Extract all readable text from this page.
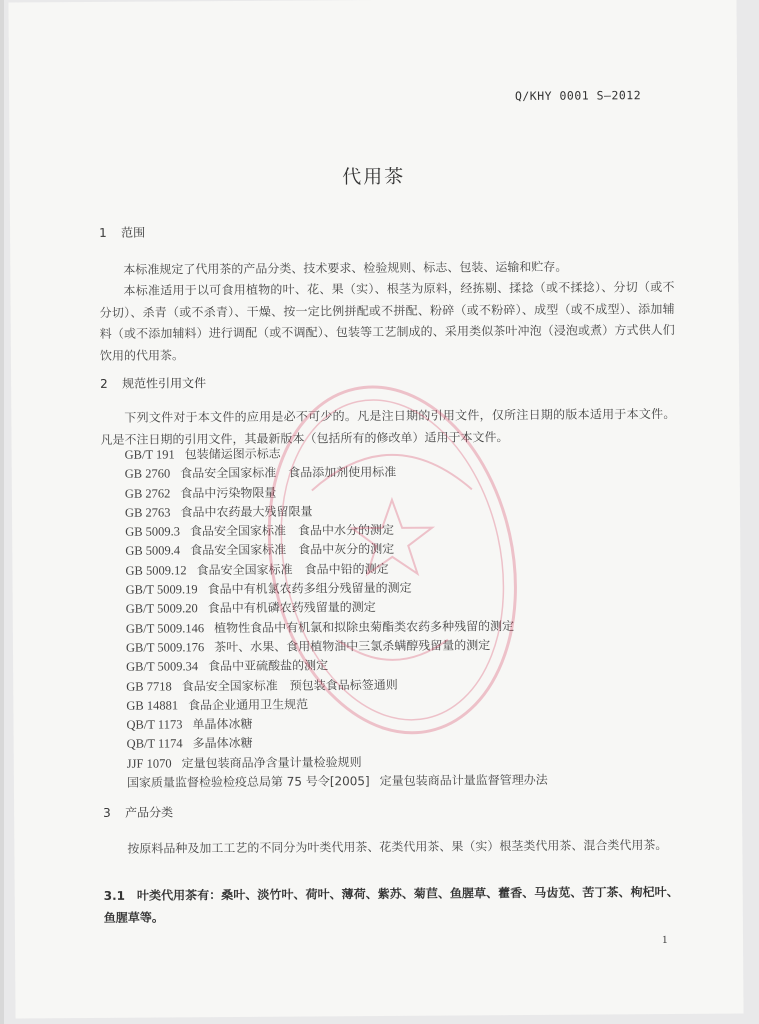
Q/KHY 0001 S—2012
代用茶
1 范围
本标准规定了代用茶的产品分类、技术要求、检验规则、标志、包装、运输和贮存。
本标准适用于以可食用植物的叶、花、果（实）、根茎为原料，经拣剔、揉捻（或不揉捻）、分切（或不分切）、杀青（或不杀青）、干燥、按一定比例拼配或不拼配、粉碎（或不粉碎）、成型（或不成型）、添加辅料（或不添加辅料）进行调配（或不调配）、包装等工艺制成的、采用类似茶叶冲泡（浸泡或煮）方式供人们饮用的代用茶。
2 规范性引用文件
下列文件对于本文件的应用是必不可少的。凡是注日期的引用文件，仅所注日期的版本适用于本文件。凡是不注日期的引用文件，其最新版本（包括所有的修改单）适用于本文件。
GB/T 191 包装储运图示标志
GB 2760 食品安全国家标准　食品添加剂使用标准
GB 2762 食品中污染物限量
GB 2763 食品中农药最大残留限量
GB 5009.3 食品安全国家标准　食品中水分的测定
GB 5009.4 食品安全国家标准　食品中灰分的测定
GB 5009.12 食品安全国家标准　食品中铅的测定
GB/T 5009.19 食品中有机氯农药多组分残留量的测定
GB/T 5009.20 食品中有机磷农药残留量的测定
GB/T 5009.146 植物性食品中有机氯和拟除虫菊酯类农药多种残留的测定
GB/T 5009.176 茶叶、水果、食用植物油中三氯杀螨醇残留量的测定
GB/T 5009.34 食品中亚硫酸盐的测定
GB 7718 食品安全国家标准　预包装食品标签通则
GB 14881 食品企业通用卫生规范
QB/T 1173 单晶体冰糖
QB/T 1174 多晶体冰糖
JJF 1070 定量包装商品净含量计量检验规则
国家质量监督检验检疫总局第 75 号令[2005] 定量包装商品计量监督管理办法
3 产品分类
按原料品种及加工工艺的不同分为叶类代用茶、花类代用茶、果（实）根茎类代用茶、混合类代用茶。
3.1 叶类代用茶有：桑叶、淡竹叶、荷叶、薄荷、紫苏、菊苣、鱼腥草、藿香、马齿苋、苦丁茶、枸杞叶、鱼腥草等。
1
